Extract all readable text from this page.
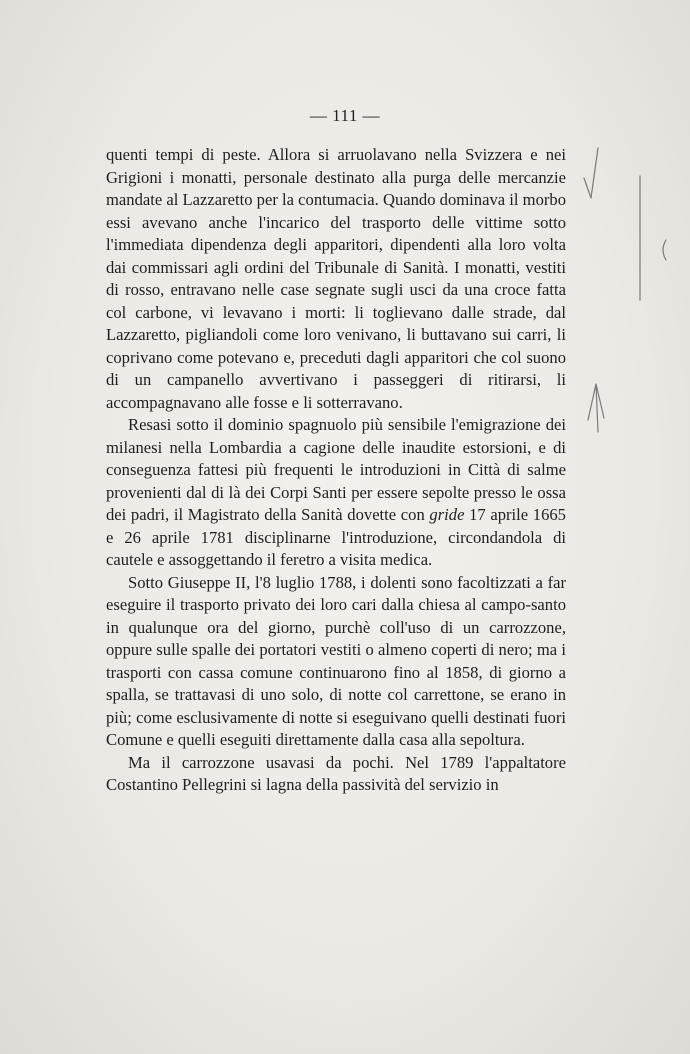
— 111 —

quenti tempi di peste. Allora si arruolavano nella Svizzera e nei Grigioni i monatti, personale destinato alla purga delle mercanzie mandate al Lazzaretto per la contumacia. Quando dominava il morbo essi avevano anche l'incarico del trasporto delle vittime sotto l'immediata dipendenza degli apparitori, dipendenti alla loro volta dai commissari agli ordini del Tribunale di Sanità. I monatti, vestiti di rosso, entravano nelle case segnate sugli usci da una croce fatta col carbone, vi levavano i morti: li toglievano dalle strade, dal Lazzaretto, pigliandoli come loro venivano, li buttavano sui carri, li coprivano come potevano e, preceduti dagli apparitori che col suono di un campanello avvertivano i passeggeri di ritirarsi, li accompagnavano alle fosse e li sotterravano.

Resasi sotto il dominio spagnuolo più sensibile l'emigrazione dei milanesi nella Lombardia a cagione delle inaudite estorsioni, e di conseguenza fattesi più frequenti le introduzioni in Città di salme provenienti dal di là dei Corpi Santi per essere sepolte presso le ossa dei padri, il Magistrato della Sanità dovette con gride 17 aprile 1665 e 26 aprile 1781 disciplinarne l'introduzione, circondandola di cautele e assoggettando il feretro a visita medica.

Sotto Giuseppe II, l'8 luglio 1788, i dolenti sono facoltizzati a far eseguire il trasporto privato dei loro cari dalla chiesa al campo-santo in qualunque ora del giorno, purchè coll'uso di un carrozzone, oppure sulle spalle dei portatori vestiti o almeno coperti di nero; ma i trasporti con cassa comune continuarono fino al 1858, di giorno a spalla, se trattavasi di uno solo, di notte col carrettone, se erano in più; come esclusivamente di notte si eseguivano quelli destinati fuori Comune e quelli eseguiti direttamente dalla casa alla sepoltura.

Ma il carrozzone usavasi da pochi. Nel 1789 l'appaltatore Costantino Pellegrini si lagna della passività del servizio in
